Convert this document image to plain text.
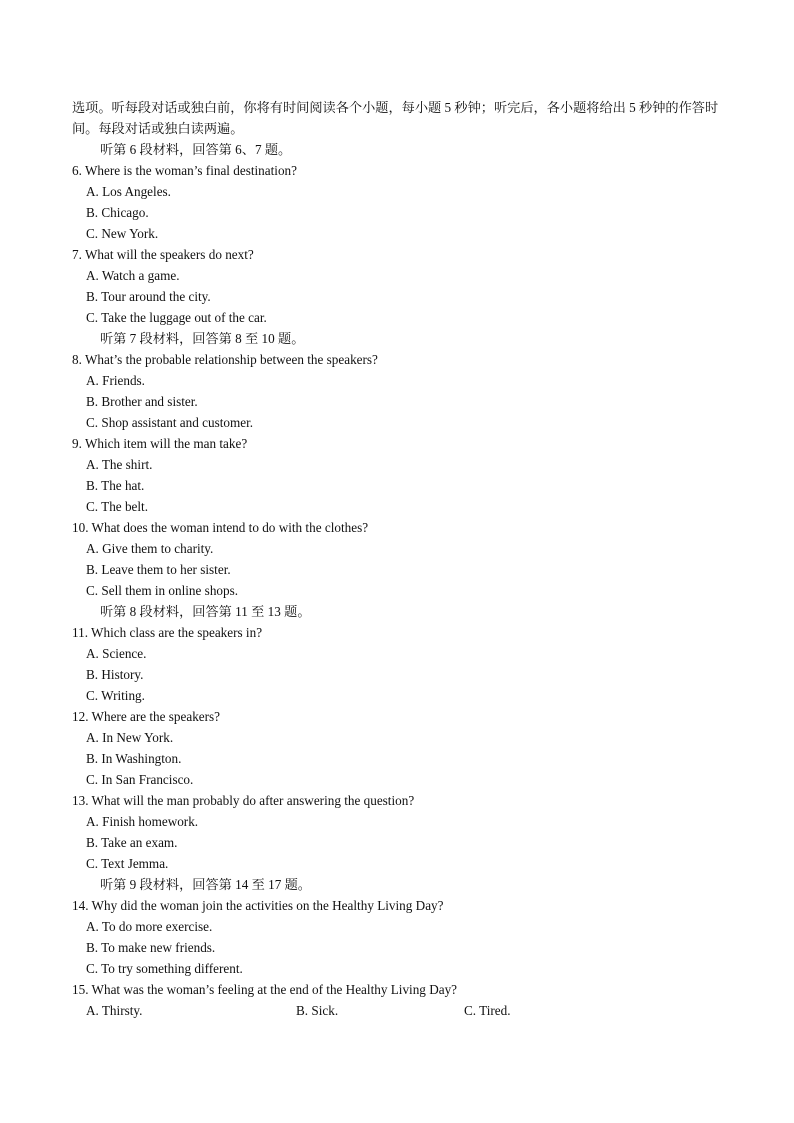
选项。听每段对话或独白前，你将有时间阅读各个小题，每小题 5 秒钟；听完后，各小题将给出 5 秒钟的作答时间。每段对话或独白读两遍。
听第 6 段材料，回答第 6、7 题。
6. Where is the woman’s final destination?
A. Los Angeles.
B. Chicago.
C. New York.
7. What will the speakers do next?
A. Watch a game.
B. Tour around the city.
C. Take the luggage out of the car.
听第 7 段材料，回答第 8 至 10 题。
8. What’s the probable relationship between the speakers?
A. Friends.
B. Brother and sister.
C. Shop assistant and customer.
9. Which item will the man take?
A. The shirt.
B. The hat.
C. The belt.
10. What does the woman intend to do with the clothes?
A. Give them to charity.
B. Leave them to her sister.
C. Sell them in online shops.
听第 8 段材料，回答第 11 至 13 题。
11. Which class are the speakers in?
A. Science.
B. History.
C. Writing.
12. Where are the speakers?
A. In New York.
B. In Washington.
C. In San Francisco.
13. What will the man probably do after answering the question?
A. Finish homework.
B. Take an exam.
C. Text Jemma.
听第 9 段材料，回答第 14 至 17 题。
14. Why did the woman join the activities on the Healthy Living Day?
A. To do more exercise.
B. To make new friends.
C. To try something different.
15. What was the woman’s feeling at the end of the Healthy Living Day?
A. Thirsty.	B. Sick.	C. Tired.
